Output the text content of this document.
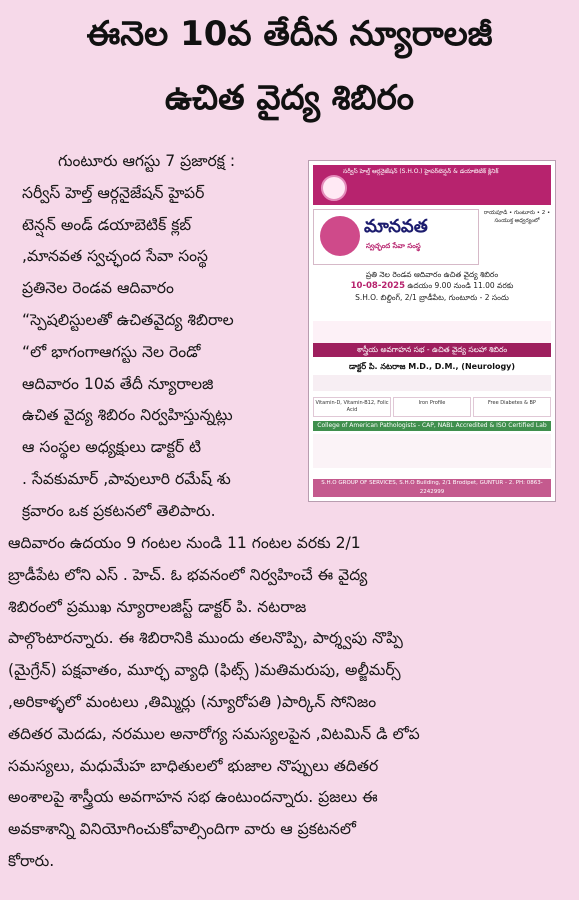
ఈనెల 10వ తేదీన న్యూరాలజీ
ఉచిత వైద్య శిబిరం

గుంటూరు ఆగస్టు 7 ప్రజారక్ష :

సర్వీస్ హెల్త్ ఆర్గనైజేషన్ హైపర్

టెన్షన్ అండ్ డయాబెటిక్ క్లబ్

,మానవత స్వచ్ఛంద సేవా సంస్థ

ప్రతినెల రెండవ ఆదివారం

“స్పెషలిస్టులతో ఉచితవైద్య శిబిరాల

“లో భాగంగాఆగస్టు నెల రెండో

ఆదివారం 10వ తేదీ న్యూరాలజి

ఉచిత వైద్య శిబిరం నిర్వహిస్తున్నట్లు

ఆ సంస్థల అధ్యక్షులు డాక్టర్ టి

. సేవకుమార్ ,పావులూరి రమేష్ శు

క్రవారం ఒక ప్రకటనలో తెలిపారు.

సర్వీస్ హెల్త్ ఆర్గనైజేషన్ (S.H.O.) హైపర్‌టెన్షన్ & డయాబెటిక్ క్లినిక్
మానవత
స్వచ్ఛంద సేవా సంస్థ
రాయపూడి • గుంటూరు • 2 • సంయుక్త ఆధ్వర్యంలో
ప్రతి నెల రెండవ ఆదివారం ఉచిత వైద్య శిబిరం
10-08-2025 ఉదయం 9.00 నుండి 11.00 వరకు
S.H.O. బిల్డింగ్, 2/1 బ్రాడీపేట, గుంటూరు - 2 సందు
శాస్త్రీయ అవగాహన సభ - ఉచిత వైద్య సలహా శిబిరం
డాక్టర్ పి. నటరాజ M.D., D.M., (Neurology)
Vitamin-D, Vitamin-B12, Folic Acid
Iron Profile	Free Diabetes & BP
College of American Pathologists - CAP, NABL Accredited & ISO Certified Lab
S.H.O GROUP OF SERVICES, S.H.O Building, 2/1 Brodipet, GUNTUR - 2. PH: 0863-2242999

ఆదివారం ఉదయం 9 గంటల నుండి 11 గంటల వరకు 2/1

బ్రాడీపేట లోని ఎస్ . హెచ్. ఓ భవనంలో నిర్వహించే ఈ వైద్య

శిబిరంలో ప్రముఖ న్యూరాలజిస్ట్ డాక్టర్ పి. నటరాజ

పాల్గొంటారన్నారు. ఈ శిబిరానికి ముందు తలనొప్పి, పార్శ్వపు నొప్పి

(మైగ్రేన్) పక్షవాతం, మూర్ఛ వ్యాధి (ఫిట్స్ )మతిమరుపు, అల్జీమర్స్

,అరికాళ్ళలో మంటలు ,తిమ్మిర్లు (న్యూరోపతి )పార్కిన్ సోనిజం

తదితర మెదడు, నరముల అనారోగ్య సమస్యలపైన ,విటమిన్ డి లోప

సమస్యలు, మధుమేహ బాధితులలో భుజాల నొప్పులు తదితర

అంశాలపై శాస్త్రీయ అవగాహన సభ ఉంటుందన్నారు. ప్రజలు ఈ

అవకాశాన్ని వినియోగించుకోవాల్సిందిగా వారు ఆ ప్రకటనలో

కోరారు.
